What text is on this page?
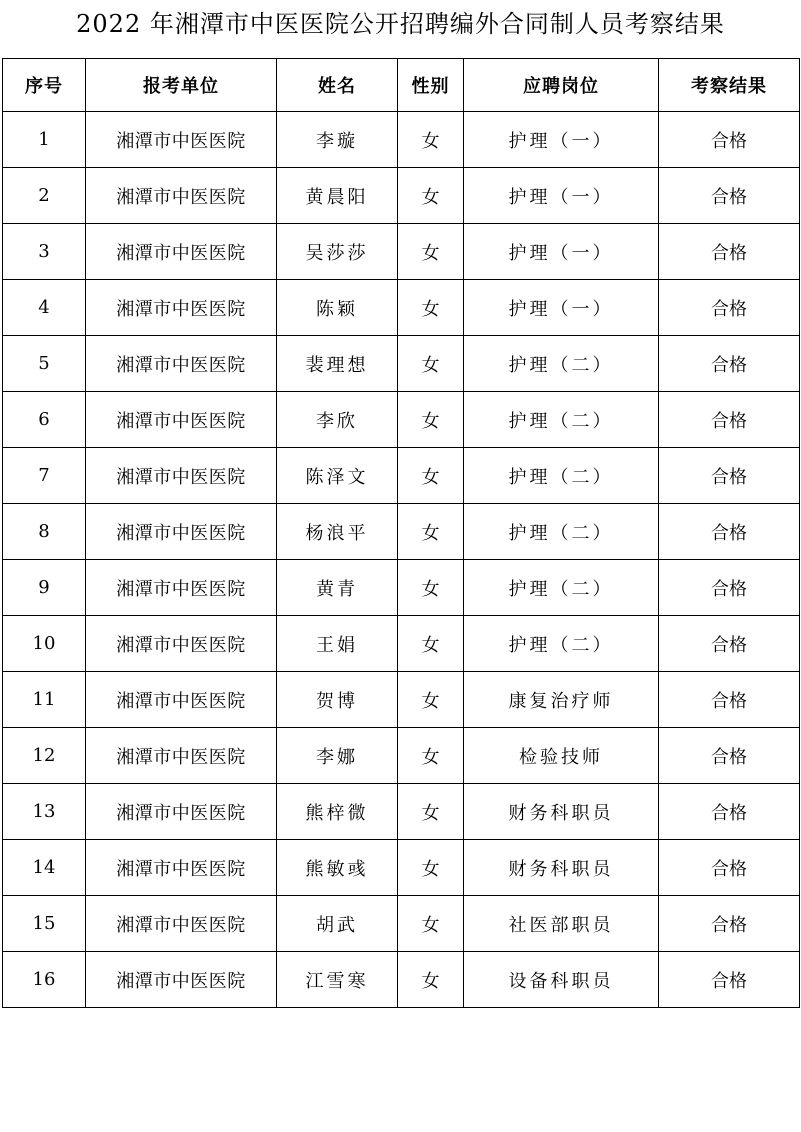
2022 年湘潭市中医医院公开招聘编外合同制人员考察结果
序号	报考单位	姓名	性别	应聘岗位	考察结果
1	湘潭市中医医院	李璇	女	护理（一）	合格
2	湘潭市中医医院	黄晨阳	女	护理（一）	合格
3	湘潭市中医医院	吴莎莎	女	护理（一）	合格
4	湘潭市中医医院	陈颖	女	护理（一）	合格
5	湘潭市中医医院	裴理想	女	护理（二）	合格
6	湘潭市中医医院	李欣	女	护理（二）	合格
7	湘潭市中医医院	陈泽文	女	护理（二）	合格
8	湘潭市中医医院	杨浪平	女	护理（二）	合格
9	湘潭市中医医院	黄青	女	护理（二）	合格
10	湘潭市中医医院	王娟	女	护理（二）	合格
11	湘潭市中医医院	贺博	女	康复治疗师	合格
12	湘潭市中医医院	李娜	女	检验技师	合格
13	湘潭市中医医院	熊梓微	女	财务科职员	合格
14	湘潭市中医医院	熊敏彧	女	财务科职员	合格
15	湘潭市中医医院	胡武	女	社医部职员	合格
16	湘潭市中医医院	江雪寒	女	设备科职员	合格
